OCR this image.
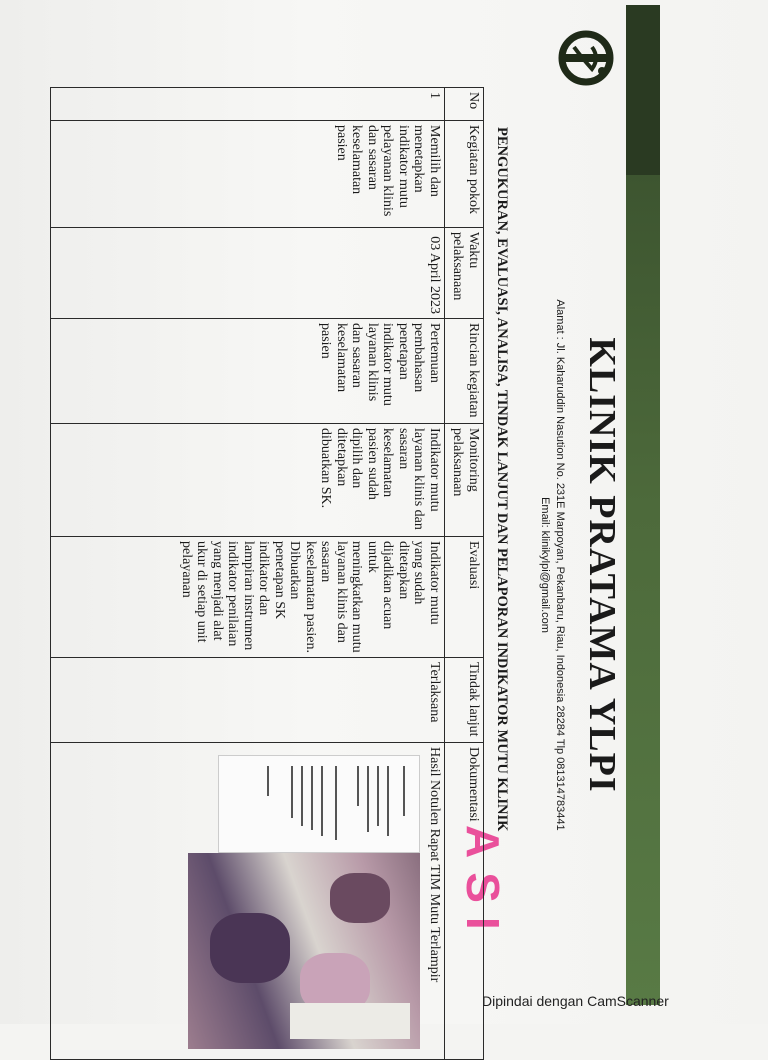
KLINIK PRATAMA YLPI
Alamat : Jl. Kaharuddin Nasution No. 231E Marpoyan, Pekanbaru, Riau, Indonesia 28284 Tlp 081314783441
Email: klinikylpi@gmail.com
PENGUKURAN, EVALUASI, ANALISA, TINDAK LANJUT DAN PELAPORAN INDIKATOR MUTU KLINIK
ASI
No	Kegiatan pokok	Waktu pelaksanaan	Rincian kegiatan	Monitoring pelaksanaan	Evaluasi	Tindak lanjut	Dokumentasi
1	Memilih dan menetapkan indikator mutu pelayanan klinis dan sasaran keselamatan pasien	03 April 2023	Pertemuan pembahasan penetapan indikator mutu layanan klinis dan sasaran keselamatan pasien	Indikator mutu layanan klinis dan sasaran keselamatan pasien sudah dipilih dan ditetapkan dibuatkan SK.	Indikator mutu yang sudah ditetapkan dijadikan acuan untuk meningkatkan mutu layanan klinis dan sasaran keselamatan pasien. Dibuatkan penetapan SK indikator dan lampiran instrumen indikator penilaian yang menjadi alat ukur di setiap unit pelayanan	Terlaksana	Hasil Notulen Rapat TIM Mutu Terlampir
Dipindai dengan CamScanner
